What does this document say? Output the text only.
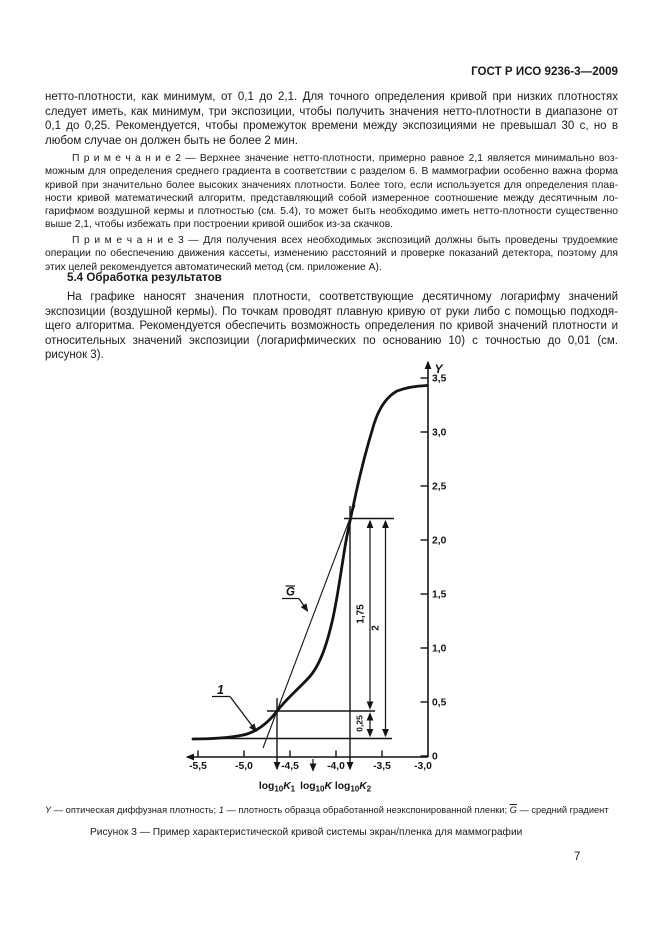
ГОСТ Р ИСО 9236-3—2009

нетто-плотности, как минимум, от 0,1 до 2,1. Для точного определения кривой при низких плотностях следует иметь, как минимум, три экспозиции, чтобы получить значения нетто-плотности в диапазоне от 0,1 до 0,25. Рекомендуется, чтобы промежуток времени между экспозициями не превышал 30 с, но в любом случае он должен быть не более 2 мин.

П р и м е ч а н и е 2 — Верхнее значение нетто-плотности, примерно равное 2,1 является минимально возможным для определения среднего градиента в соответствии с разделом 6. В маммографии особенно важна форма кривой при значительно более высоких значениях плотности. Более того, если используется для определения плавности кривой математический алгоритм, представляющий собой измеренное соотношение между десятичным логарифмом воздушной кермы и плотностью (см. 5.4), то может быть необходимо иметь нетто-плотности существенно выше 2,1, чтобы избежать при построении кривой ошибок из-за скачков.

П р и м е ч а н и е 3 — Для получения всех необходимых экспозиций должны быть проведены трудоемкие операции по обеспечению движения кассеты, изменению расстояний и проверке показаний детектора, поэтому для этих целей рекомендуется автоматический метод (см. приложение А).

5.4 Обработка результатов

На графике наносят значения плотности, соответствующие десятичному логарифму значений экспозиции (воздушной кермы). По точкам проводят плавную кривую от руки либо с помощью подходящего алгоритма. Рекомендуется обеспечить возможность определения по кривой значений плотности и относительных значений экспозиции (логарифмических по основанию 10) с точностью до 0,01 (см. рисунок 3).

Y
3,5
3,0
2,5
2,0
1,5
1,0
0,5
0
-5,5	-5,0	-4,5	-4,0	-3,5 -3,0
1,75
0,25
2
1
G
$\log_{10}K_1$ $\log_{10}K$ $\log_{10}K_2$
Y — оптическая диффузная плотность; 1 — плотность образца обработанной неэкспонированной пленки; $\overline{G}$ — средний градиент
Рисунок 3 — Пример характеристической кривой системы экран/пленка для маммографии
7
